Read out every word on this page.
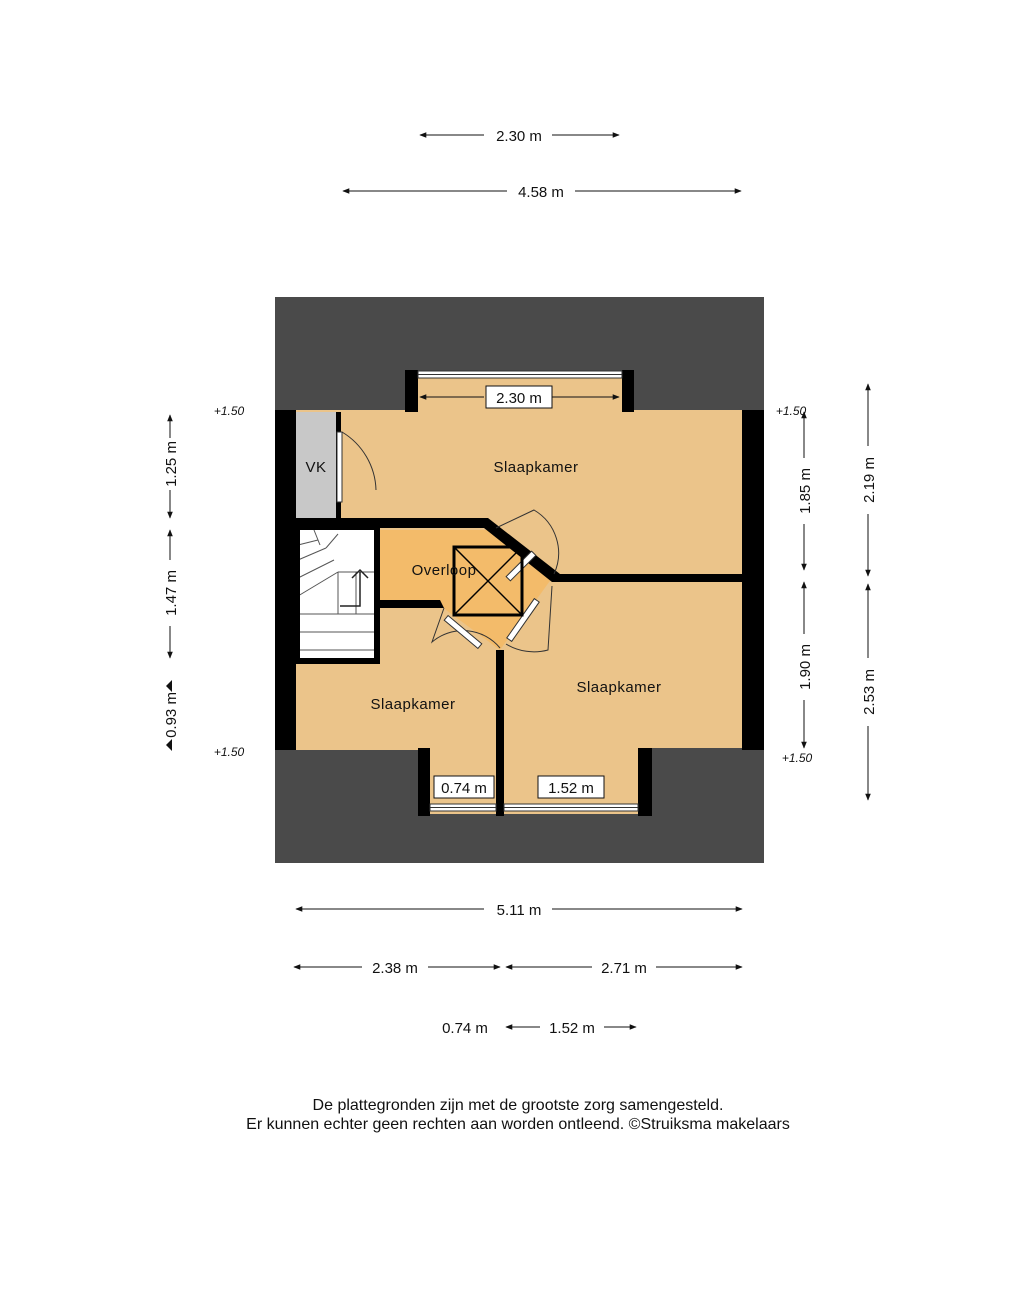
Slaapkamer
Slaapkamer
Slaapkamer
Overloop
VK
+1.50	+1.50
+1.50	+1.50
2.30 m
4.58 m
2.30 m
0.74 m	1.52 m
5.11 m
2.38 m	2.71 m
0.74 m	1.52 m
1.25 m
1.47 m
0.93 m
1.85 m
1.90 m
2.19 m
2.53 m
De plattegronden zijn met de grootste zorg samengesteld.
Er kunnen echter geen rechten aan worden ontleend. ©Struiksma makelaars
